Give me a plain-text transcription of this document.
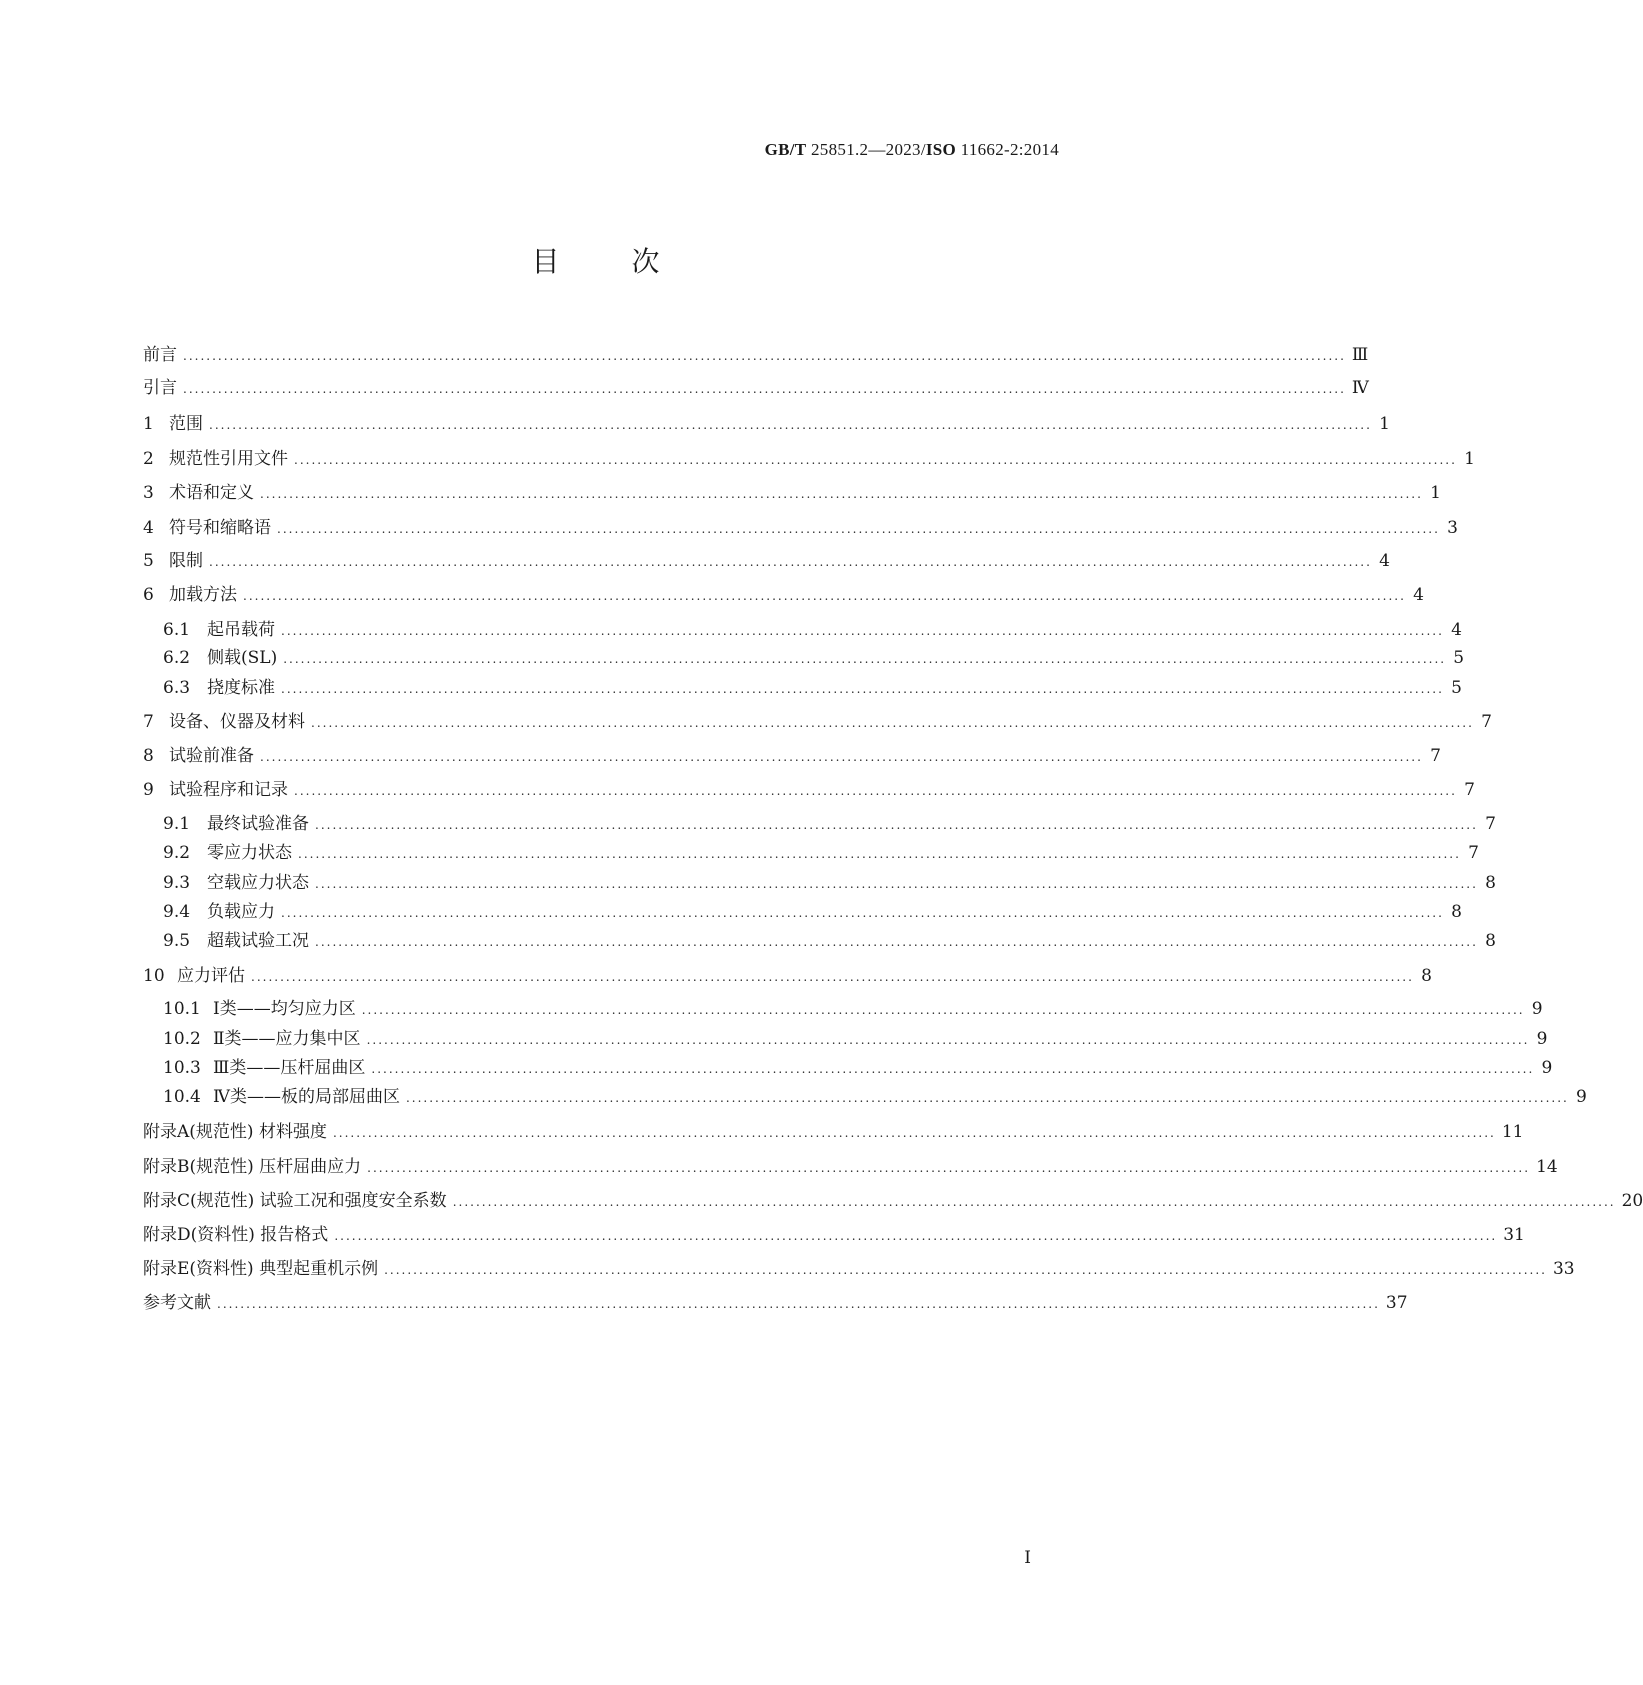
GB/T 25851.2—2023/ISO 11662-2:2014
目	次
前言 ........................................................................................................................................................................................................ Ⅲ
引言 ........................................................................................................................................................................................................ Ⅳ
1 范围 ........................................................................................................................................................................................................ 1
2 规范性引用文件 ........................................................................................................................................................................................................ 1
3 术语和定义 ........................................................................................................................................................................................................ 1
4 符号和缩略语 ........................................................................................................................................................................................................ 3
5 限制 ........................................................................................................................................................................................................ 4
6 加载方法 ........................................................................................................................................................................................................ 4
6.1 起吊载荷 ........................................................................................................................................................................................................ 4
6.2 侧载(SL) ........................................................................................................................................................................................................ 5
6.3 挠度标准 ........................................................................................................................................................................................................ 5
7 设备、仪器及材料 ........................................................................................................................................................................................................ 7
8 试验前准备 ........................................................................................................................................................................................................ 7
9 试验程序和记录 ........................................................................................................................................................................................................ 7
9.1 最终试验准备 ........................................................................................................................................................................................................ 7
9.2 零应力状态 ........................................................................................................................................................................................................ 7
9.3 空载应力状态 ........................................................................................................................................................................................................ 8
9.4 负载应力 ........................................................................................................................................................................................................ 8
9.5 超载试验工况 ........................................................................................................................................................................................................ 8
10 应力评估 ........................................................................................................................................................................................................ 8
10.1 Ⅰ类——均匀应力区 ........................................................................................................................................................................................................ 9
10.2 Ⅱ类——应力集中区 ........................................................................................................................................................................................................ 9
10.3 Ⅲ类——压杆屈曲区 ........................................................................................................................................................................................................ 9
10.4 Ⅳ类——板的局部屈曲区 ........................................................................................................................................................................................................ 9
附录A(规范性) 材料强度 ........................................................................................................................................................................................................ 11
附录B(规范性) 压杆屈曲应力 ........................................................................................................................................................................................................ 14
附录C(规范性) 试验工况和强度安全系数 ........................................................................................................................................................................................................ 20
附录D(资料性) 报告格式 ........................................................................................................................................................................................................ 31
附录E(资料性) 典型起重机示例 ........................................................................................................................................................................................................ 33
参考文献 ........................................................................................................................................................................................................ 37
Ⅰ
